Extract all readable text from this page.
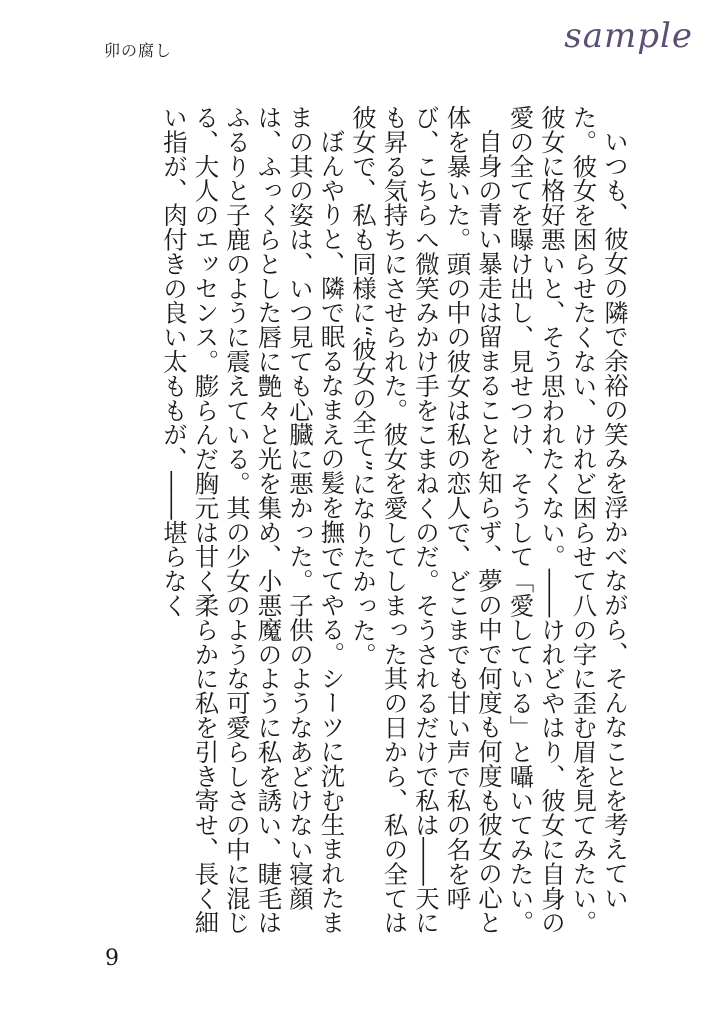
卯の腐し	sample
いつも、彼女の隣で余裕の笑みを浮かべながら、そんなことを考えていた。彼女を困らせたくない、けれど困らせて八の字に歪む眉を見てみたい。彼女に格好悪いと、そう思われたくない。――けれどやはり、彼女に自身の愛の全てを曝け出し、見せつけ、そうして「愛している」と囁いてみたい。
自身の青い暴走は留まることを知らず、夢の中で何度も何度も彼女の心と体を暴いた。頭の中の彼女は私の恋人で、どこまでも甘い声で私の名を呼び、こちらへ微笑みかけ手をこまねくのだ。そうされるだけで私は――天にも昇る気持ちにさせられた。彼女を愛してしまった其の日から、私の全ては彼女で、私も同様に“彼女の全て”になりたかった。
ぼんやりと、隣で眠るなまえの髪を撫でてやる。シーツに沈む生まれたままの其の姿は、いつ見ても心臓に悪かった。子供のようなあどけない寝顔は、ふっくらとした唇に艶々と光を集め、小悪魔のように私を誘い、睫毛はふるりと子鹿のように震えている。其の少女のような可愛らしさの中に混じる、大人のエッセンス。膨らんだ胸元は甘く柔らかに私を引き寄せ、長く細い指が、肉付きの良い太ももが、――堪らなく
9
